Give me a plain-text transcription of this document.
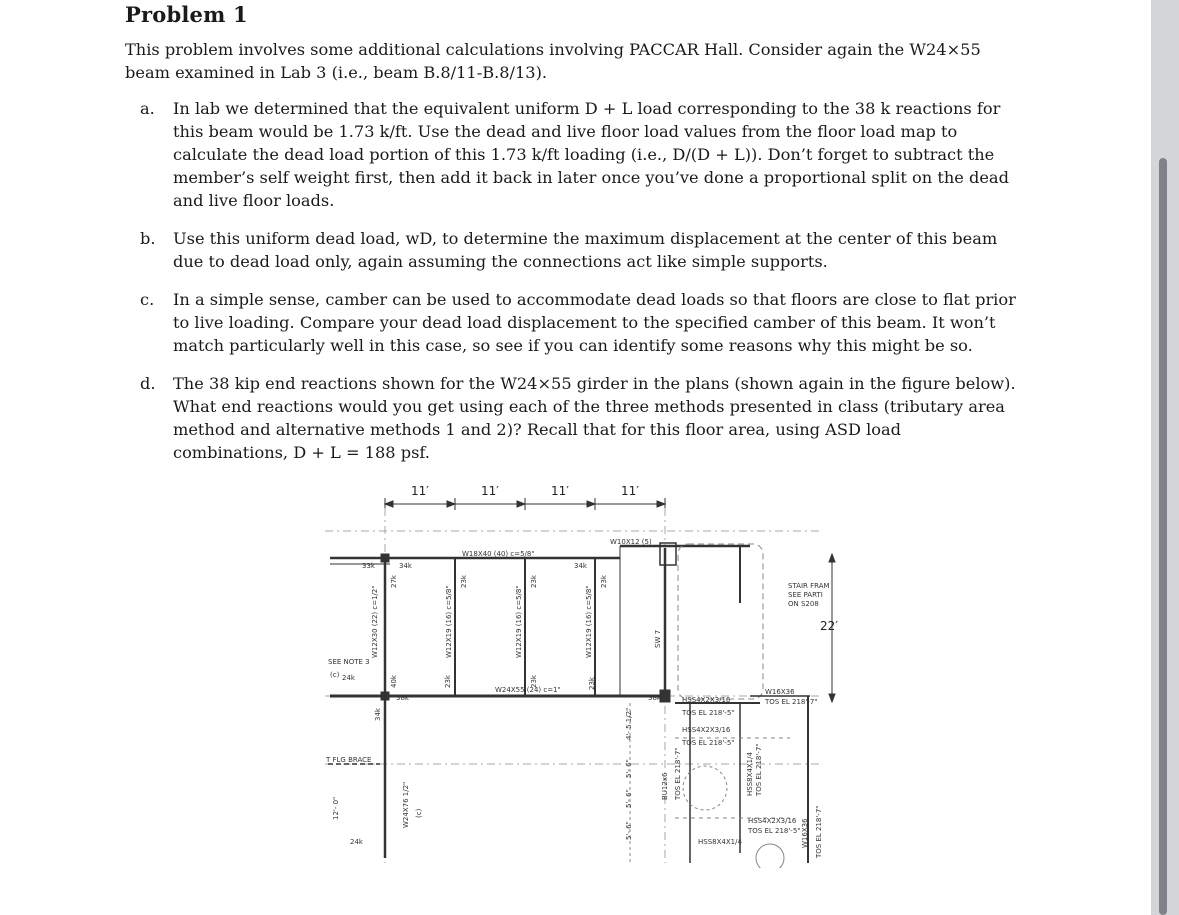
Problem 1
This problem involves some additional calculations involving PACCAR Hall. Consider again the W24×55 beam examined in Lab 3 (i.e., beam B.8/11-B.8/13).
a.	In lab we determined that the equivalent uniform D + L load corresponding to the 38 k reactions for this beam would be 1.73 k/ft. Use the dead and live floor load values from the floor load map to calculate the dead load portion of this 1.73 k/ft loading (i.e., D/(D + L)). Don’t forget to subtract the member’s self weight first, then add it back in later once you’ve done a proportional split on the dead and live floor loads.
b.	Use this uniform dead load, wD, to determine the maximum displacement at the center of this beam due to dead load only, again assuming the connections act like simple supports.
c.	In a simple sense, camber can be used to accommodate dead loads so that floors are close to flat prior to live loading. Compare your dead load displacement to the specified camber of this beam. It won’t match particularly well in this case, so see if you can identify some reasons why this might be so.
d.	The 38 kip end reactions shown for the W24×55 girder in the plans (shown again in the figure below). What end reactions would you get using each of the three methods presented in class (tributary area method and alternative methods 1 and 2)? Recall that for this floor area, using ASD load combinations, D + L = 188 psf.
11′	11′	11′	11′
22′
33k	34k	34k
24k
38k	38k
24k
27k	23k	23k	23k
40k	23k	23k	23k
34k
W18X40 (40) c=5/8"
W10X12 (5)
W24X55 (24) c=1"
W12X30 (22) c=1/2"	W12X19 (16) c=5/8"	W12X19 (16) c=5/8"	W12X19 (16) c=5/8"	SW 7
W24X76 1/2"	BU12x6 TOS EL 218'-7"	HSS8X4X1/4 TOS EL 218'-7"
W16X36 TOS EL 218'-7"
W16X36
TOS EL 218'-7"
SEE NOTE 3
(c)
STAIR FRAM
SEE PARTI
ON S208
T FLG BRACE
HSS4X2X3/16
TOS EL 218'-5"
HSS4X2X3/16
TOS EL 218'-5"
HSS4X2X3/16
TOS EL 218'-5"
HSS8X4X1/4
4'- 5 1/2"
5'- 6"
5'- 6"
5'- 6"
12'- 0"	(c)
